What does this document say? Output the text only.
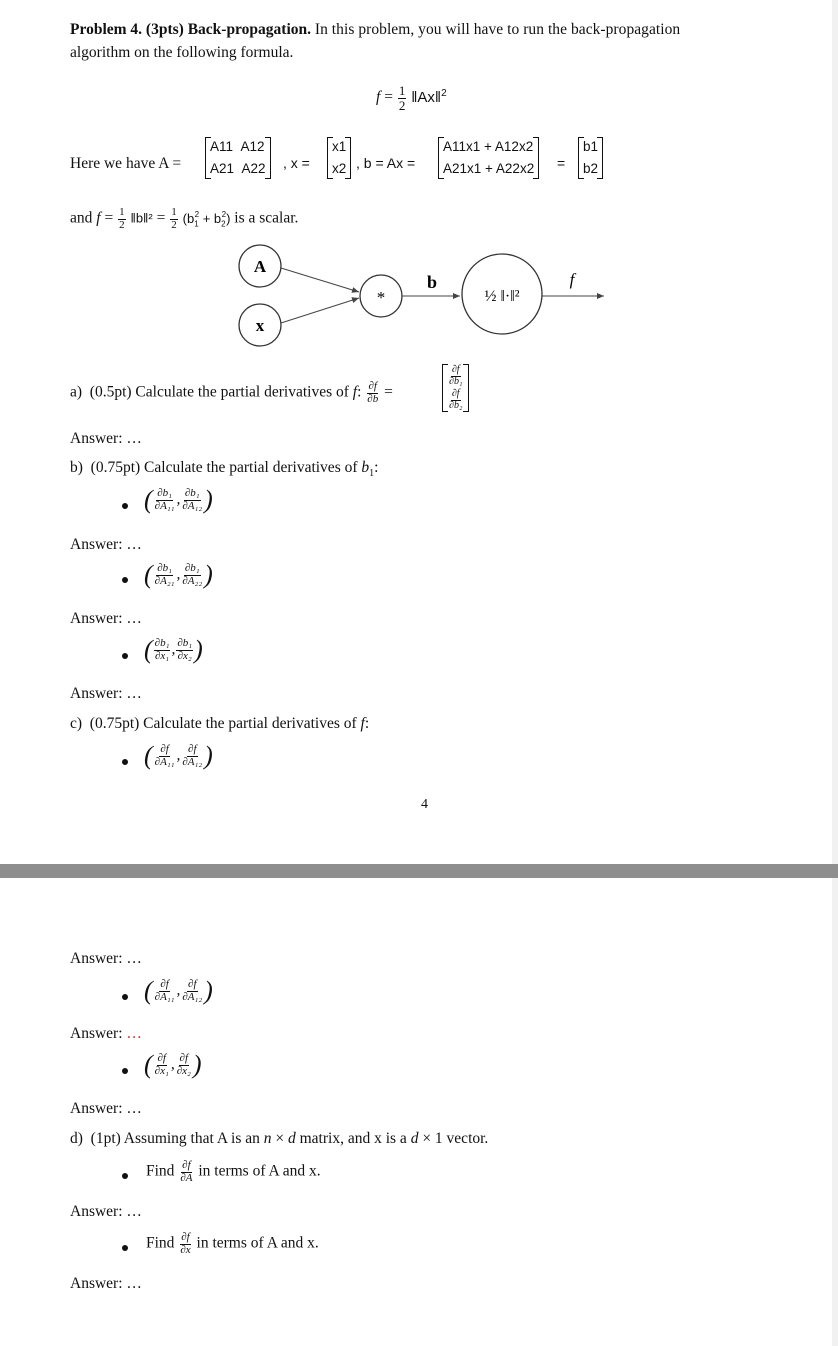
Problem 4. (3pts) Back-propagation. In this problem, you will have to run the back-propagation
algorithm on the following formula.
$f = \frac{1}{2}$ ‖Ax‖$^2$
Here we have A =
A11 A12
A21 A22 , x =
x1
x2 , b = Ax =
A11x1 + A12x2
A21x1 + A22x2 =
b1
b2
and $f = \frac{1}{2}$ ‖b‖² = $\frac{1}{2} (b_1^2 + b_2^2)$ is a scalar.
A
x
*
b
½ ‖·‖²
f
a)  (0.5pt) Calculate the partial derivatives of f: $\frac{\partial f}{\partial b}$ =
∂f
∂b₁
∂f
∂b₂
Answer: …
b)  (0.75pt) Calculate the partial derivatives of $b_1$:
( $\frac{\text{∂b₁}}{\text{∂A₁₁}}$ , $\frac{\text{∂b₁}}{\text{∂A₁₂}}$ )
Answer: …
( $\frac{\text{∂b₁}}{\text{∂A₂₁}}$ , $\frac{\text{∂b₁}}{\text{∂A₂₂}}$ )
Answer: …
( $\frac{\text{∂b₁}}{\text{∂x₁}}$ , $\frac{\text{∂b₁}}{\text{∂x₂}}$ )
Answer: …
c)  (0.75pt) Calculate the partial derivatives of f:
( $\frac{\partial f}{\text{∂A₁₁}}$ , $\frac{\partial f}{\text{∂A₁₂}}$ )
4
Answer: …
( $\frac{\partial f}{\text{∂A₁₁}}$ , $\frac{\partial f}{\text{∂A₁₂}}$ )
Answer: …
( $\frac{\partial f}{\text{∂x₁}}$ , $\frac{\partial f}{\text{∂x₂}}$ )
Answer: …
d)  (1pt) Assuming that A is an n × d matrix, and x is a d × 1 vector.
Find $\frac{\partial f}{\partial A}$ in terms of A and x.
Answer: …
Find $\frac{\partial f}{\partial x}$ in terms of A and x.
Answer: …
